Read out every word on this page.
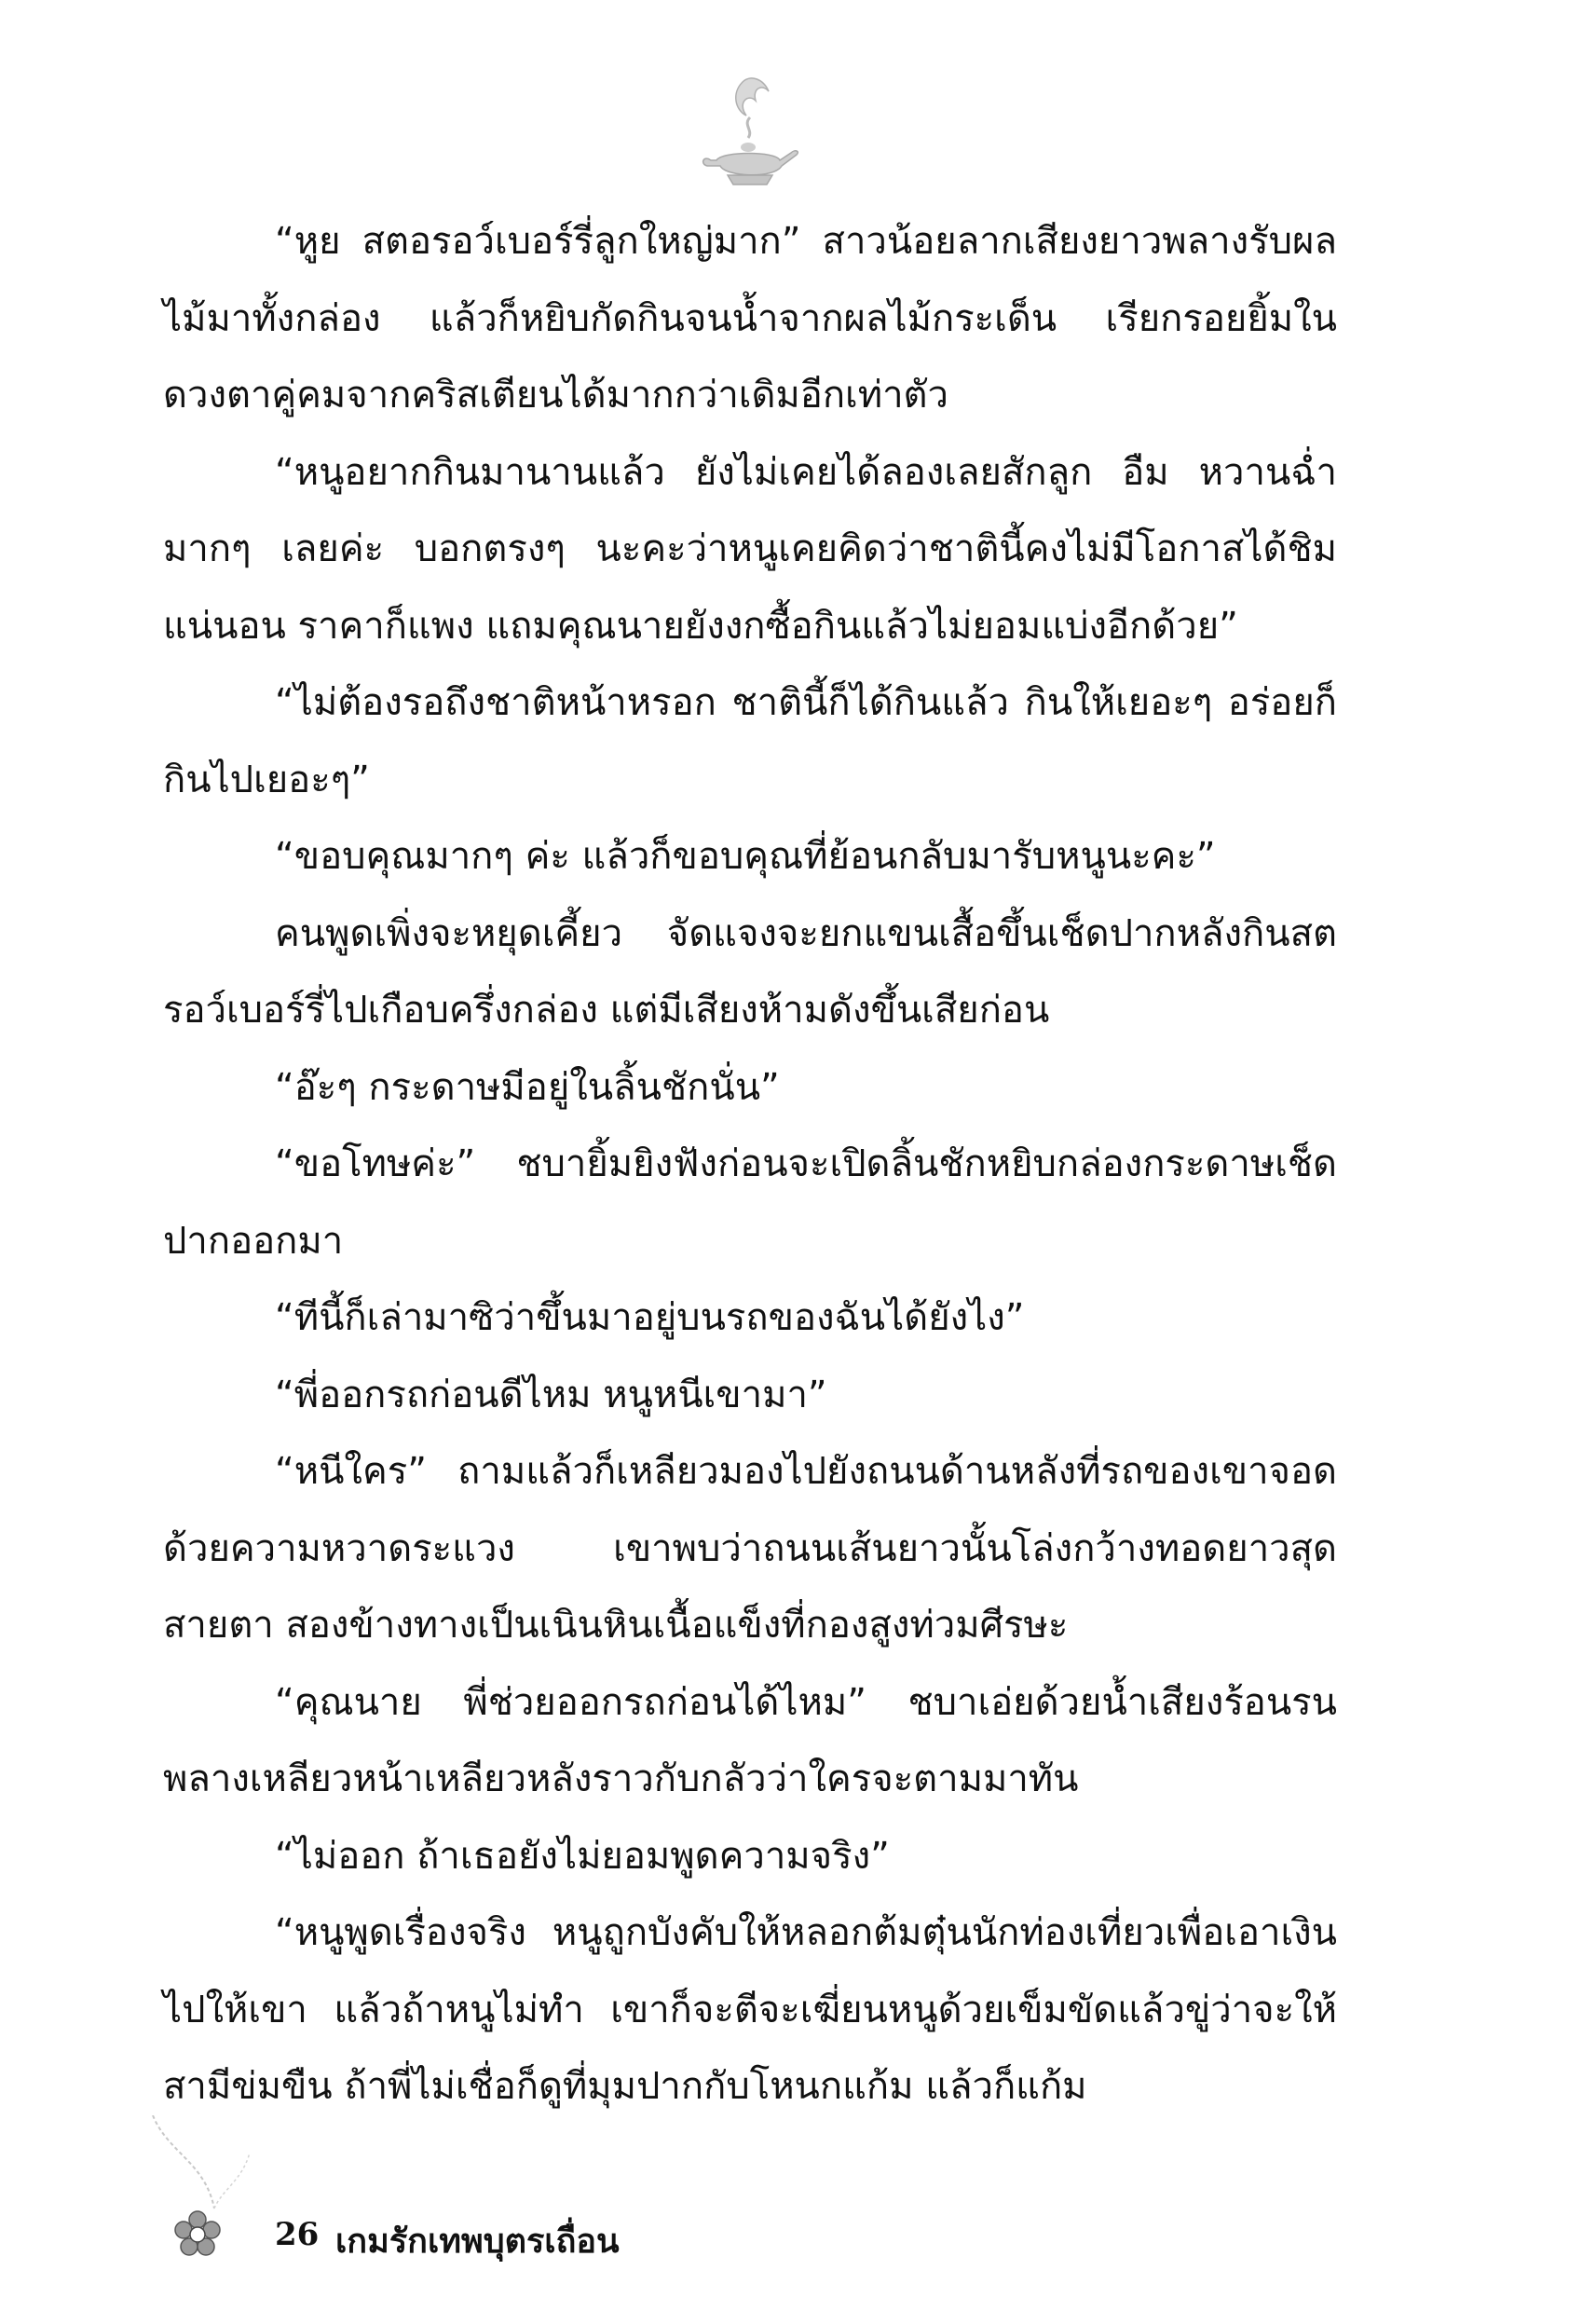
“หูย สตอรอว์เบอร์รี่ลูกใหญ่มาก” สาวน้อยลากเสียงยาวพลางรับผลไม้มาทั้งกล่อง แล้วก็หยิบกัดกินจนน้ำจากผลไม้กระเด็น เรียกรอยยิ้มในดวงตาคู่คมจากคริสเตียนได้มากกว่าเดิมอีกเท่าตัว

“หนูอยากกินมานานแล้ว ยังไม่เคยได้ลองเลยสักลูก อืม หวานฉ่ำมากๆ เลยค่ะ บอกตรงๆ นะคะว่าหนูเคยคิดว่าชาตินี้คงไม่มีโอกาสได้ชิมแน่นอน ราคาก็แพง แถมคุณนายยังงกซื้อกินแล้วไม่ยอมแบ่งอีกด้วย”

“ไม่ต้องรอถึงชาติหน้าหรอก ชาตินี้ก็ได้กินแล้ว กินให้เยอะๆ อร่อยก็กินไปเยอะๆ”

“ขอบคุณมากๆ ค่ะ แล้วก็ขอบคุณที่ย้อนกลับมารับหนูนะคะ”

คนพูดเพิ่งจะหยุดเคี้ยว จัดแจงจะยกแขนเสื้อขึ้นเช็ดปากหลังกินสตรอว์เบอร์รี่ไปเกือบครึ่งกล่อง แต่มีเสียงห้ามดังขึ้นเสียก่อน

“อ๊ะๆ กระดาษมีอยู่ในลิ้นชักนั่น”

“ขอโทษค่ะ” ชบายิ้มยิงฟังก่อนจะเปิดลิ้นชักหยิบกล่องกระดาษเช็ดปากออกมา

“ทีนี้ก็เล่ามาซิว่าขึ้นมาอยู่บนรถของฉันได้ยังไง”

“พี่ออกรถก่อนดีไหม หนูหนีเขามา”

“หนีใคร” ถามแล้วก็เหลียวมองไปยังถนนด้านหลังที่รถของเขาจอดด้วยความหวาดระแวง เขาพบว่าถนนเส้นยาวนั้นโล่งกว้างทอดยาวสุดสายตา สองข้างทางเป็นเนินหินเนื้อแข็งที่กองสูงท่วมศีรษะ

“คุณนาย พี่ช่วยออกรถก่อนได้ไหม” ชบาเอ่ยด้วยน้ำเสียงร้อนรนพลางเหลียวหน้าเหลียวหลังราวกับกลัวว่าใครจะตามมาทัน

“ไม่ออก ถ้าเธอยังไม่ยอมพูดความจริง”

“หนูพูดเรื่องจริง หนูถูกบังคับให้หลอกต้มตุ๋นนักท่องเที่ยวเพื่อเอาเงินไปให้เขา แล้วถ้าหนูไม่ทำ เขาก็จะตีจะเฆี่ยนหนูด้วยเข็มขัดแล้วขู่ว่าจะให้สามีข่มขืน ถ้าพี่ไม่เชื่อก็ดูที่มุมปากกับโหนกแก้ม แล้วก็แก้ม

26 เกมรักเทพบุตรเถื่อน
